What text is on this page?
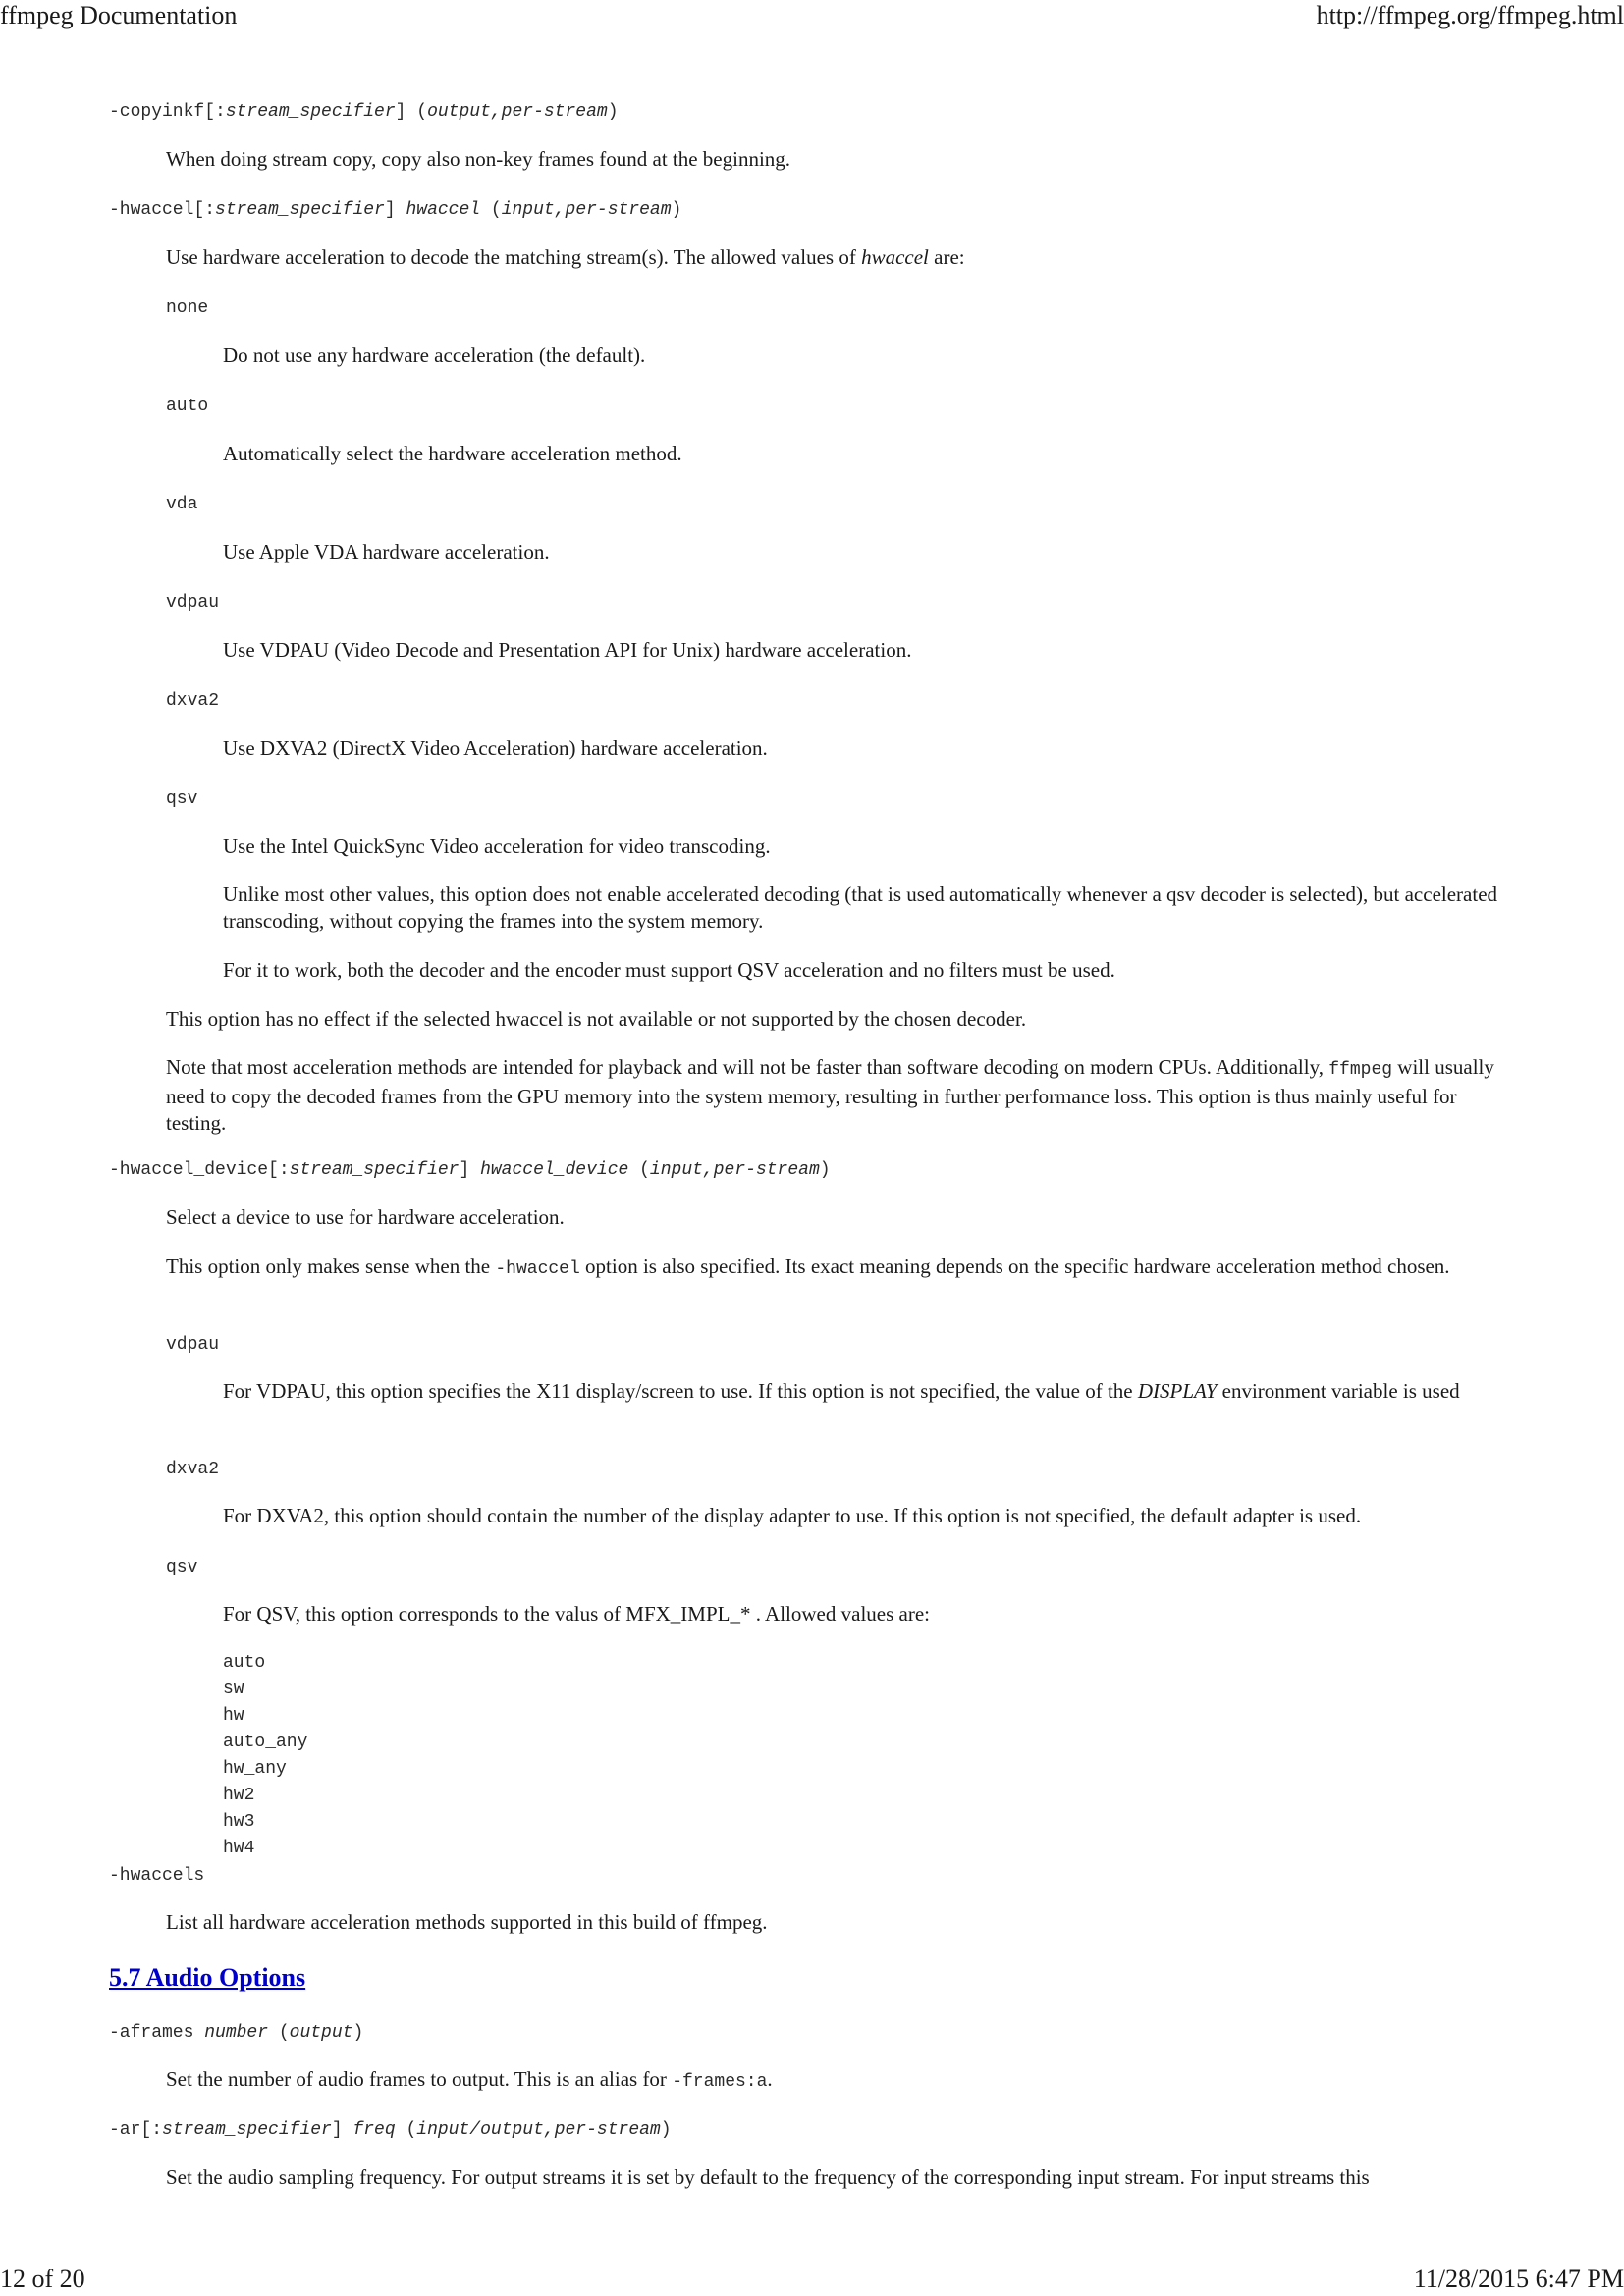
ffmpeg Documentation	http://ffmpeg.org/ffmpeg.html
-copyinkf[:stream_specifier] (output,per-stream)

When doing stream copy, copy also non-key frames found at the beginning.

-hwaccel[:stream_specifier] hwaccel (input,per-stream)

Use hardware acceleration to decode the matching stream(s). The allowed values of hwaccel are:

none

Do not use any hardware acceleration (the default).

auto

Automatically select the hardware acceleration method.

vda

Use Apple VDA hardware acceleration.

vdpau

Use VDPAU (Video Decode and Presentation API for Unix) hardware acceleration.

dxva2

Use DXVA2 (DirectX Video Acceleration) hardware acceleration.

qsv

Use the Intel QuickSync Video acceleration for video transcoding.

Unlike most other values, this option does not enable accelerated decoding (that is used automatically whenever a qsv decoder is selected), but accelerated transcoding, without copying the frames into the system memory.

For it to work, both the decoder and the encoder must support QSV acceleration and no filters must be used.

This option has no effect if the selected hwaccel is not available or not supported by the chosen decoder.

Note that most acceleration methods are intended for playback and will not be faster than software decoding on modern CPUs. Additionally, ffmpeg will usually need to copy the decoded frames from the GPU memory into the system memory, resulting in further performance loss. This option is thus mainly useful for testing.

-hwaccel_device[:stream_specifier] hwaccel_device (input,per-stream)

Select a device to use for hardware acceleration.

This option only makes sense when the -hwaccel option is also specified. Its exact meaning depends on the specific hardware acceleration method chosen.

vdpau

For VDPAU, this option specifies the X11 display/screen to use. If this option is not specified, the value of the DISPLAY environment variable is used

dxva2

For DXVA2, this option should contain the number of the display adapter to use. If this option is not specified, the default adapter is used.

qsv

For QSV, this option corresponds to the valus of MFX_IMPL_* . Allowed values are:

auto
sw
hw
auto_any
hw_any
hw2
hw3
hw4
-hwaccels

List all hardware acceleration methods supported in this build of ffmpeg.

5.7 Audio Options
-aframes number (output)

Set the number of audio frames to output. This is an alias for -frames:a.

-ar[:stream_specifier] freq (input/output,per-stream)

Set the audio sampling frequency. For output streams it is set by default to the frequency of the corresponding input stream. For input streams this

12 of 20	11/28/2015 6:47 PM
